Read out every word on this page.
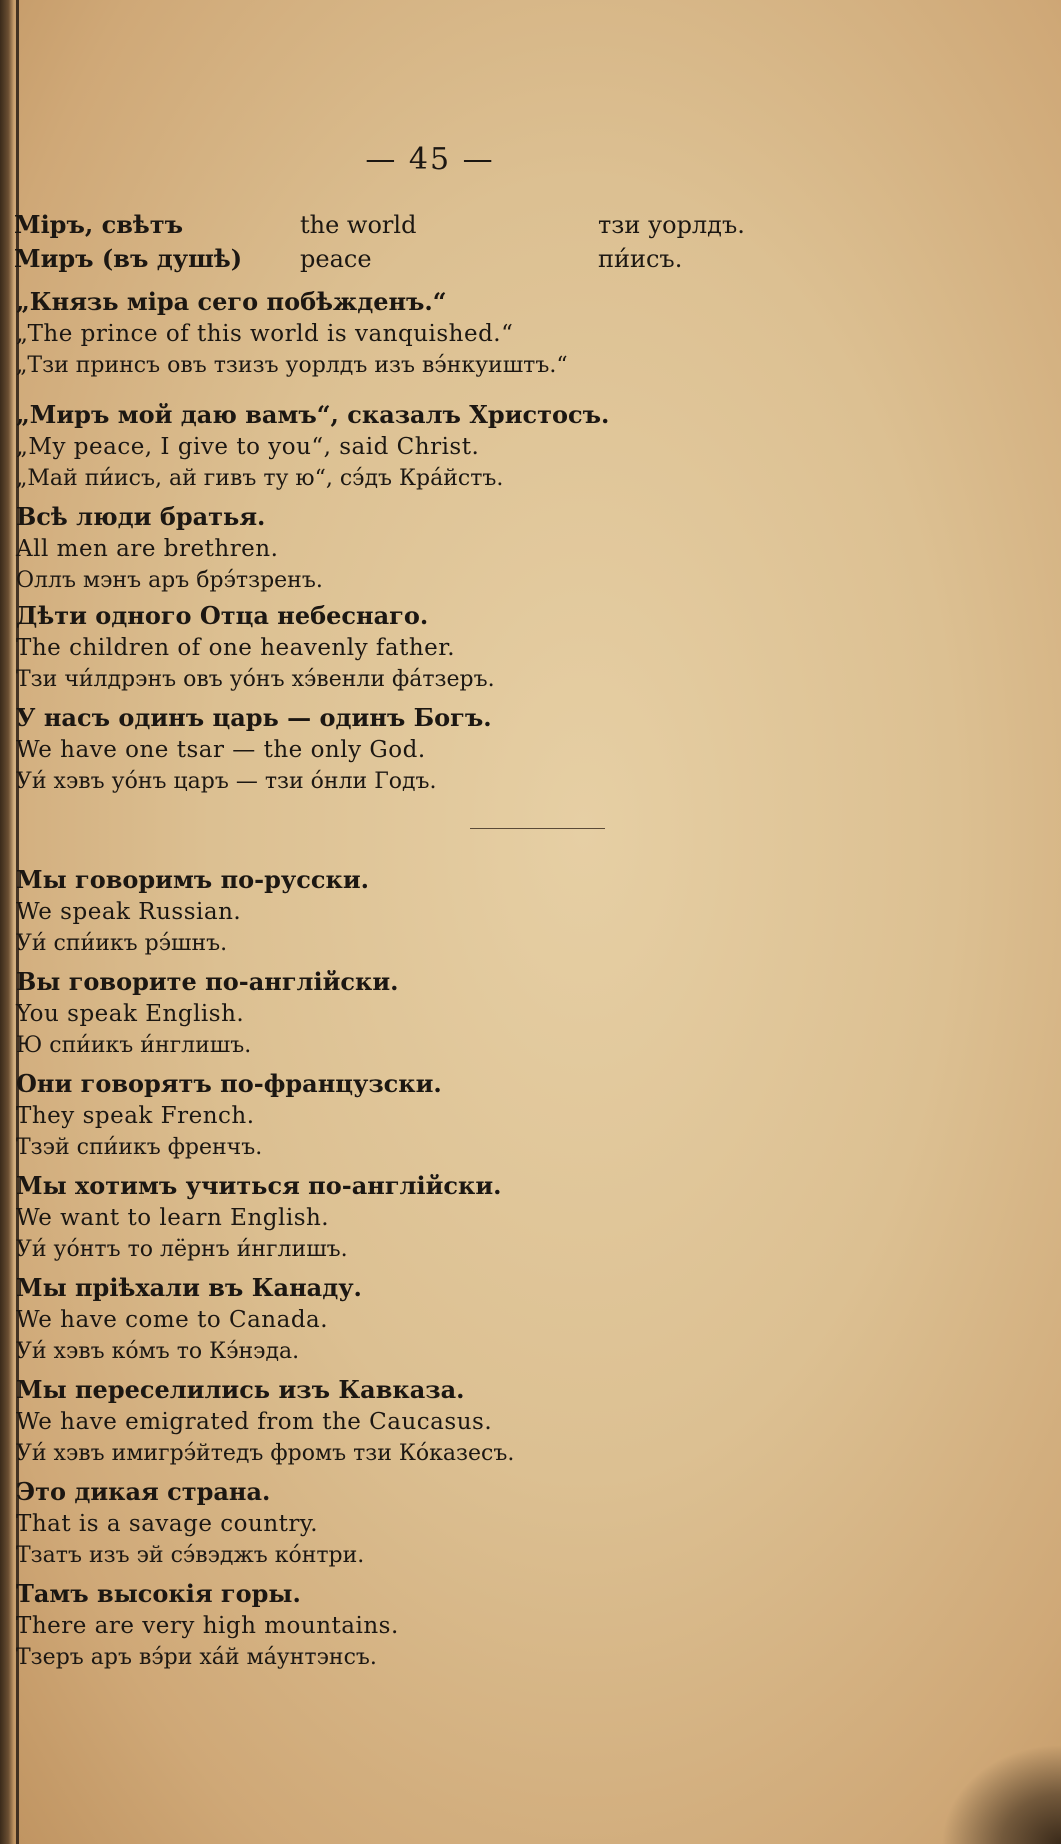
— 45 —
Міръ, свѣтъ	the world	тзи уорлдъ.
Миръ (въ душѣ) peace	пи́исъ.
„Князь міра сего побѣжденъ.“
„The prince of this world is vanquished.“
„Тзи принсъ овъ тзизъ уорлдъ изъ вэ́нкуиштъ.“
„Миръ мой даю вамъ“, сказалъ Христосъ.
„My peace, I give to you“, said Christ.
„Май пи́исъ, ай гивъ ту ю“, сэ́дъ Кра́йстъ.
Всѣ люди братья.
All men are brethren.
Оллъ мэнъ аръ брэ́тзренъ.
Дѣти одного Отца небеснаго.
The children of one heavenly father.
Тзи чи́лдрэнъ овъ уо́нъ хэ́венли фа́тзеръ.
У насъ одинъ царь — одинъ Богъ.
We have one tsar — the only God.
Уи́ хэвъ уо́нъ царъ — тзи о́нли Годъ.
Мы говоримъ по-русски.
We speak Russian.
Уи́ спи́икъ рэ́шнъ.
Вы говорите по-англійски.
You speak English.
Ю спи́икъ и́нглишъ.
Они говорятъ по-французски.
They speak French.
Тзэй спи́икъ френчъ.
Мы хотимъ учиться по-англійски.
We want to learn English.
Уи́ уо́нтъ то лёрнъ и́нглишъ.
Мы пріѣхали въ Канаду.
We have come to Canada.
Уи́ хэвъ ко́мъ то Кэ́нэда.
Мы переселились изъ Кавказа.
We have emigrated from the Caucasus.
Уи́ хэвъ имигрэ́йтедъ фромъ тзи Ко́казесъ.
Это дикая страна.
That is a savage country.
Тзатъ изъ эй сэ́вэджъ ко́нтри.
Тамъ высокія горы.
There are very high mountains.
Тзеръ аръ вэ́ри ха́й ма́унтэнсъ.
